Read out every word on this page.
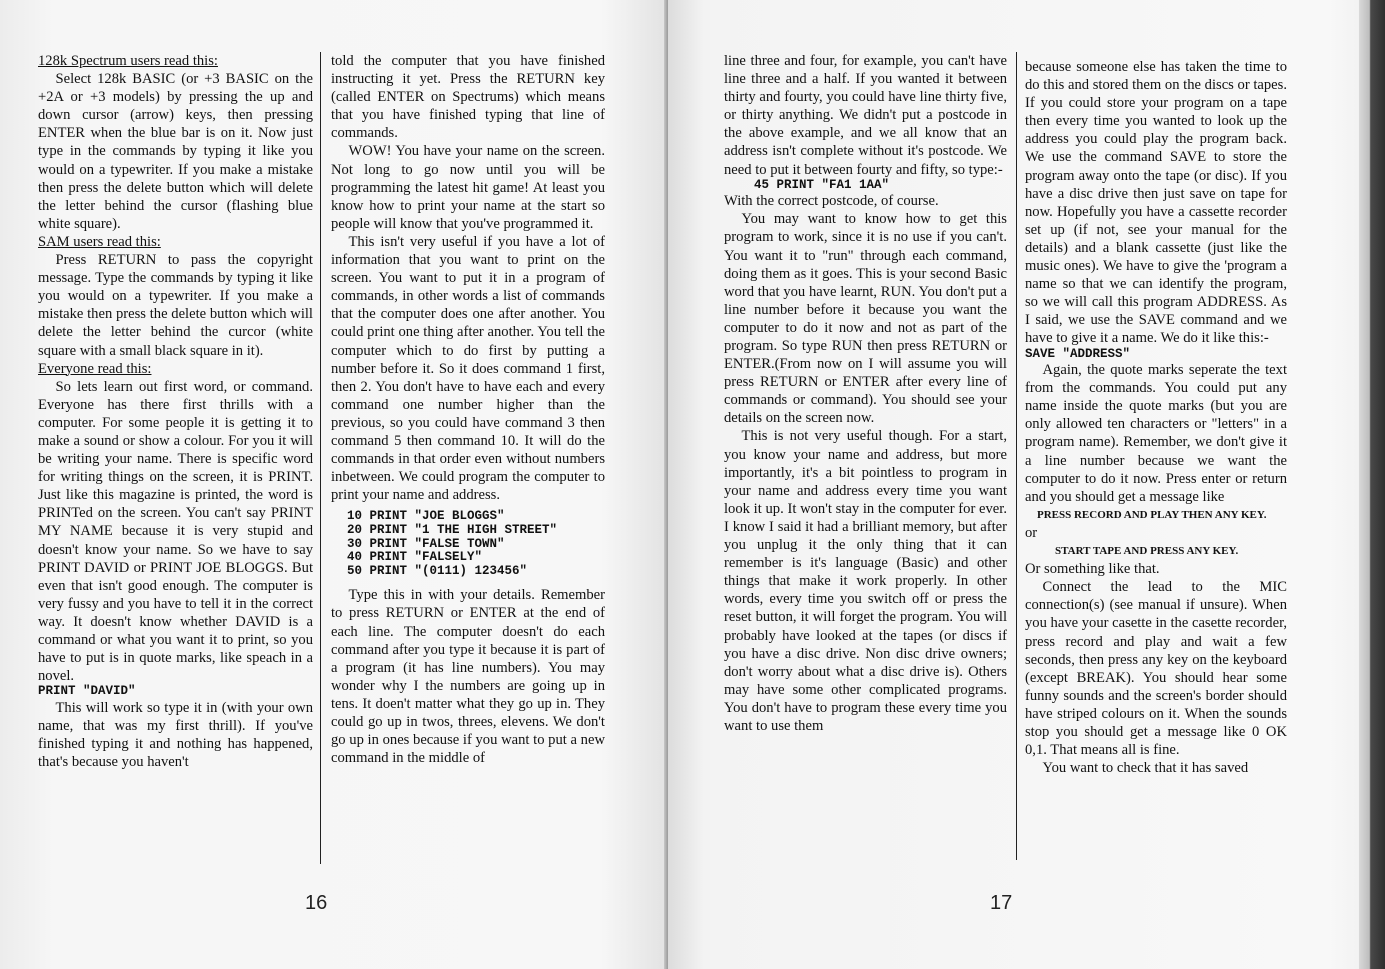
128k Spectrum users read this:

Select 128k BASIC (or +3 BASIC on the +2A or +3 models) by pressing the up and down cursor (arrow) keys, then pressing ENTER when the blue bar is on it. Now just type in the commands by typing it like you would on a typewriter. If you make a mistake then press the delete button which will delete the letter behind the cursor (flashing blue white square).

SAM users read this:

Press RETURN to pass the copyright message. Type the commands by typing it like you would on a typewriter. If you make a mistake then press the delete button which will delete the letter behind the curcor (white square with a small black square in it).

Everyone read this:

So lets learn out first word, or command. Everyone has there first thrills with a computer. For some people it is getting it to make a sound or show a colour. For you it will be writing your name. There is specific word for writing things on the screen, it is PRINT. Just like this magazine is printed, the word is PRINTed on the screen. You can't say PRINT MY NAME because it is very stupid and doesn't know your name. So we have to say PRINT DAVID or PRINT JOE BLOGGS. But even that isn't good enough. The computer is very fussy and you have to tell it in the correct way. It doesn't know whether DAVID is a command or what you want it to print, so you have to put is in quote marks, like speach in a novel.

PRINT "DAVID"

This will work so type it in (with your own name, that was my first thrill). If you've finished typing it and nothing has happened, that's because you haven't

told the computer that you have finished instructing it yet. Press the RETURN key (called ENTER on Spectrums) which means that you have finished typing that line of commands.

WOW! You have your name on the screen. Not long to go now until you will be programming the latest hit game! At least you know how to print your name at the start so people will know that you've programmed it.

This isn't very useful if you have a lot of information that you want to print on the screen. You want to put it in a program of commands, in other words a list of commands that the computer does one after another. You could print one thing after another. You tell the computer which to do first by putting a number before it. So it does command 1 first, then 2. You don't have to have each and every command one number higher than the previous, so you could have command 3 then command 5 then command 10. It will do the commands in that order even without numbers inbetween. We could program the computer to print your name and address.

10 PRINT "JOE BLOGGS"
20 PRINT "1 THE HIGH STREET"
30 PRINT "FALSE TOWN"
40 PRINT "FALSELY"
50 PRINT "(0111) 123456"

Type this in with your details. Remember to press RETURN or ENTER at the end of each line. The computer doesn't do each command after you type it because it is part of a program (it has line numbers). You may wonder why I the numbers are going up in tens. It doen't matter what they go up in. They could go up in twos, threes, elevens. We don't go up in ones because if you want to put a new command in the middle of

16

line three and four, for example, you can't have line three and a half. If you wanted it between thirty and fourty, you could have line thirty five, or thirty anything. We didn't put a postcode in the above example, and we all know that an address isn't complete without it's postcode. We need to put it between fourty and fifty, so type:-

45 PRINT "FA1 1AA"

With the correct postcode, of course.

You may want to know how to get this program to work, since it is no use if you can't. You want it to "run" through each command, doing them as it goes. This is your second Basic word that you have learnt, RUN. You don't put a line number before it because you want the computer to do it now and not as part of the program. So type RUN then press RETURN or ENTER.(From now on I will assume you will press RETURN or ENTER after every line of commands or command). You should see your details on the screen now.

This is not very useful though. For a start, you know your name and address, but more importantly, it's a bit pointless to program in your name and address every time you want look it up. It won't stay in the computer for ever. I know I said it had a brilliant memory, but after you unplug it the only thing that it can remember is it's language (Basic) and other things that make it work properly. In other words, every time you switch off or press the reset button, it will forget the program. You will probably have looked at the tapes (or discs if you have a disc drive. Non disc drive owners; don't worry about what a disc drive is). Others may have some other complicated programs. You don't have to program these every time you want to use them

because someone else has taken the time to do this and stored them on the discs or tapes. If you could store your program on a tape then every time you wanted to look up the address you could play the program back. We use the command SAVE to store the program away onto the tape (or disc). If you have a disc drive then just save on tape for now. Hopefully you have a cassette recorder set up (if not, see your manual for the details) and a blank cassette (just like the music ones). We have to give the 'program a name so that we can identify the program, so we will call this program ADDRESS. As I said, we use the SAVE command and we have to give it a name. We do it like this:-

SAVE "ADDRESS"

Again, the quote marks seperate the text from the commands. You could put any name inside the quote marks (but you are only allowed ten characters or "letters" in a program name). Remember, we don't give it a line number because we want the computer to do it now. Press enter or return and you should get a message like

PRESS RECORD AND PLAY THEN ANY KEY.

or

START TAPE AND PRESS ANY KEY.

Or something like that.

Connect the lead to the MIC connection(s) (see manual if unsure). When you have your casette in the casette recorder, press record and play and wait a few seconds, then press any key on the keyboard (except BREAK). You should hear some funny sounds and the screen's border should have striped colours on it. When the sounds stop you should get a message like 0 OK 0,1. That means all is fine.

You want to check that it has saved

17
